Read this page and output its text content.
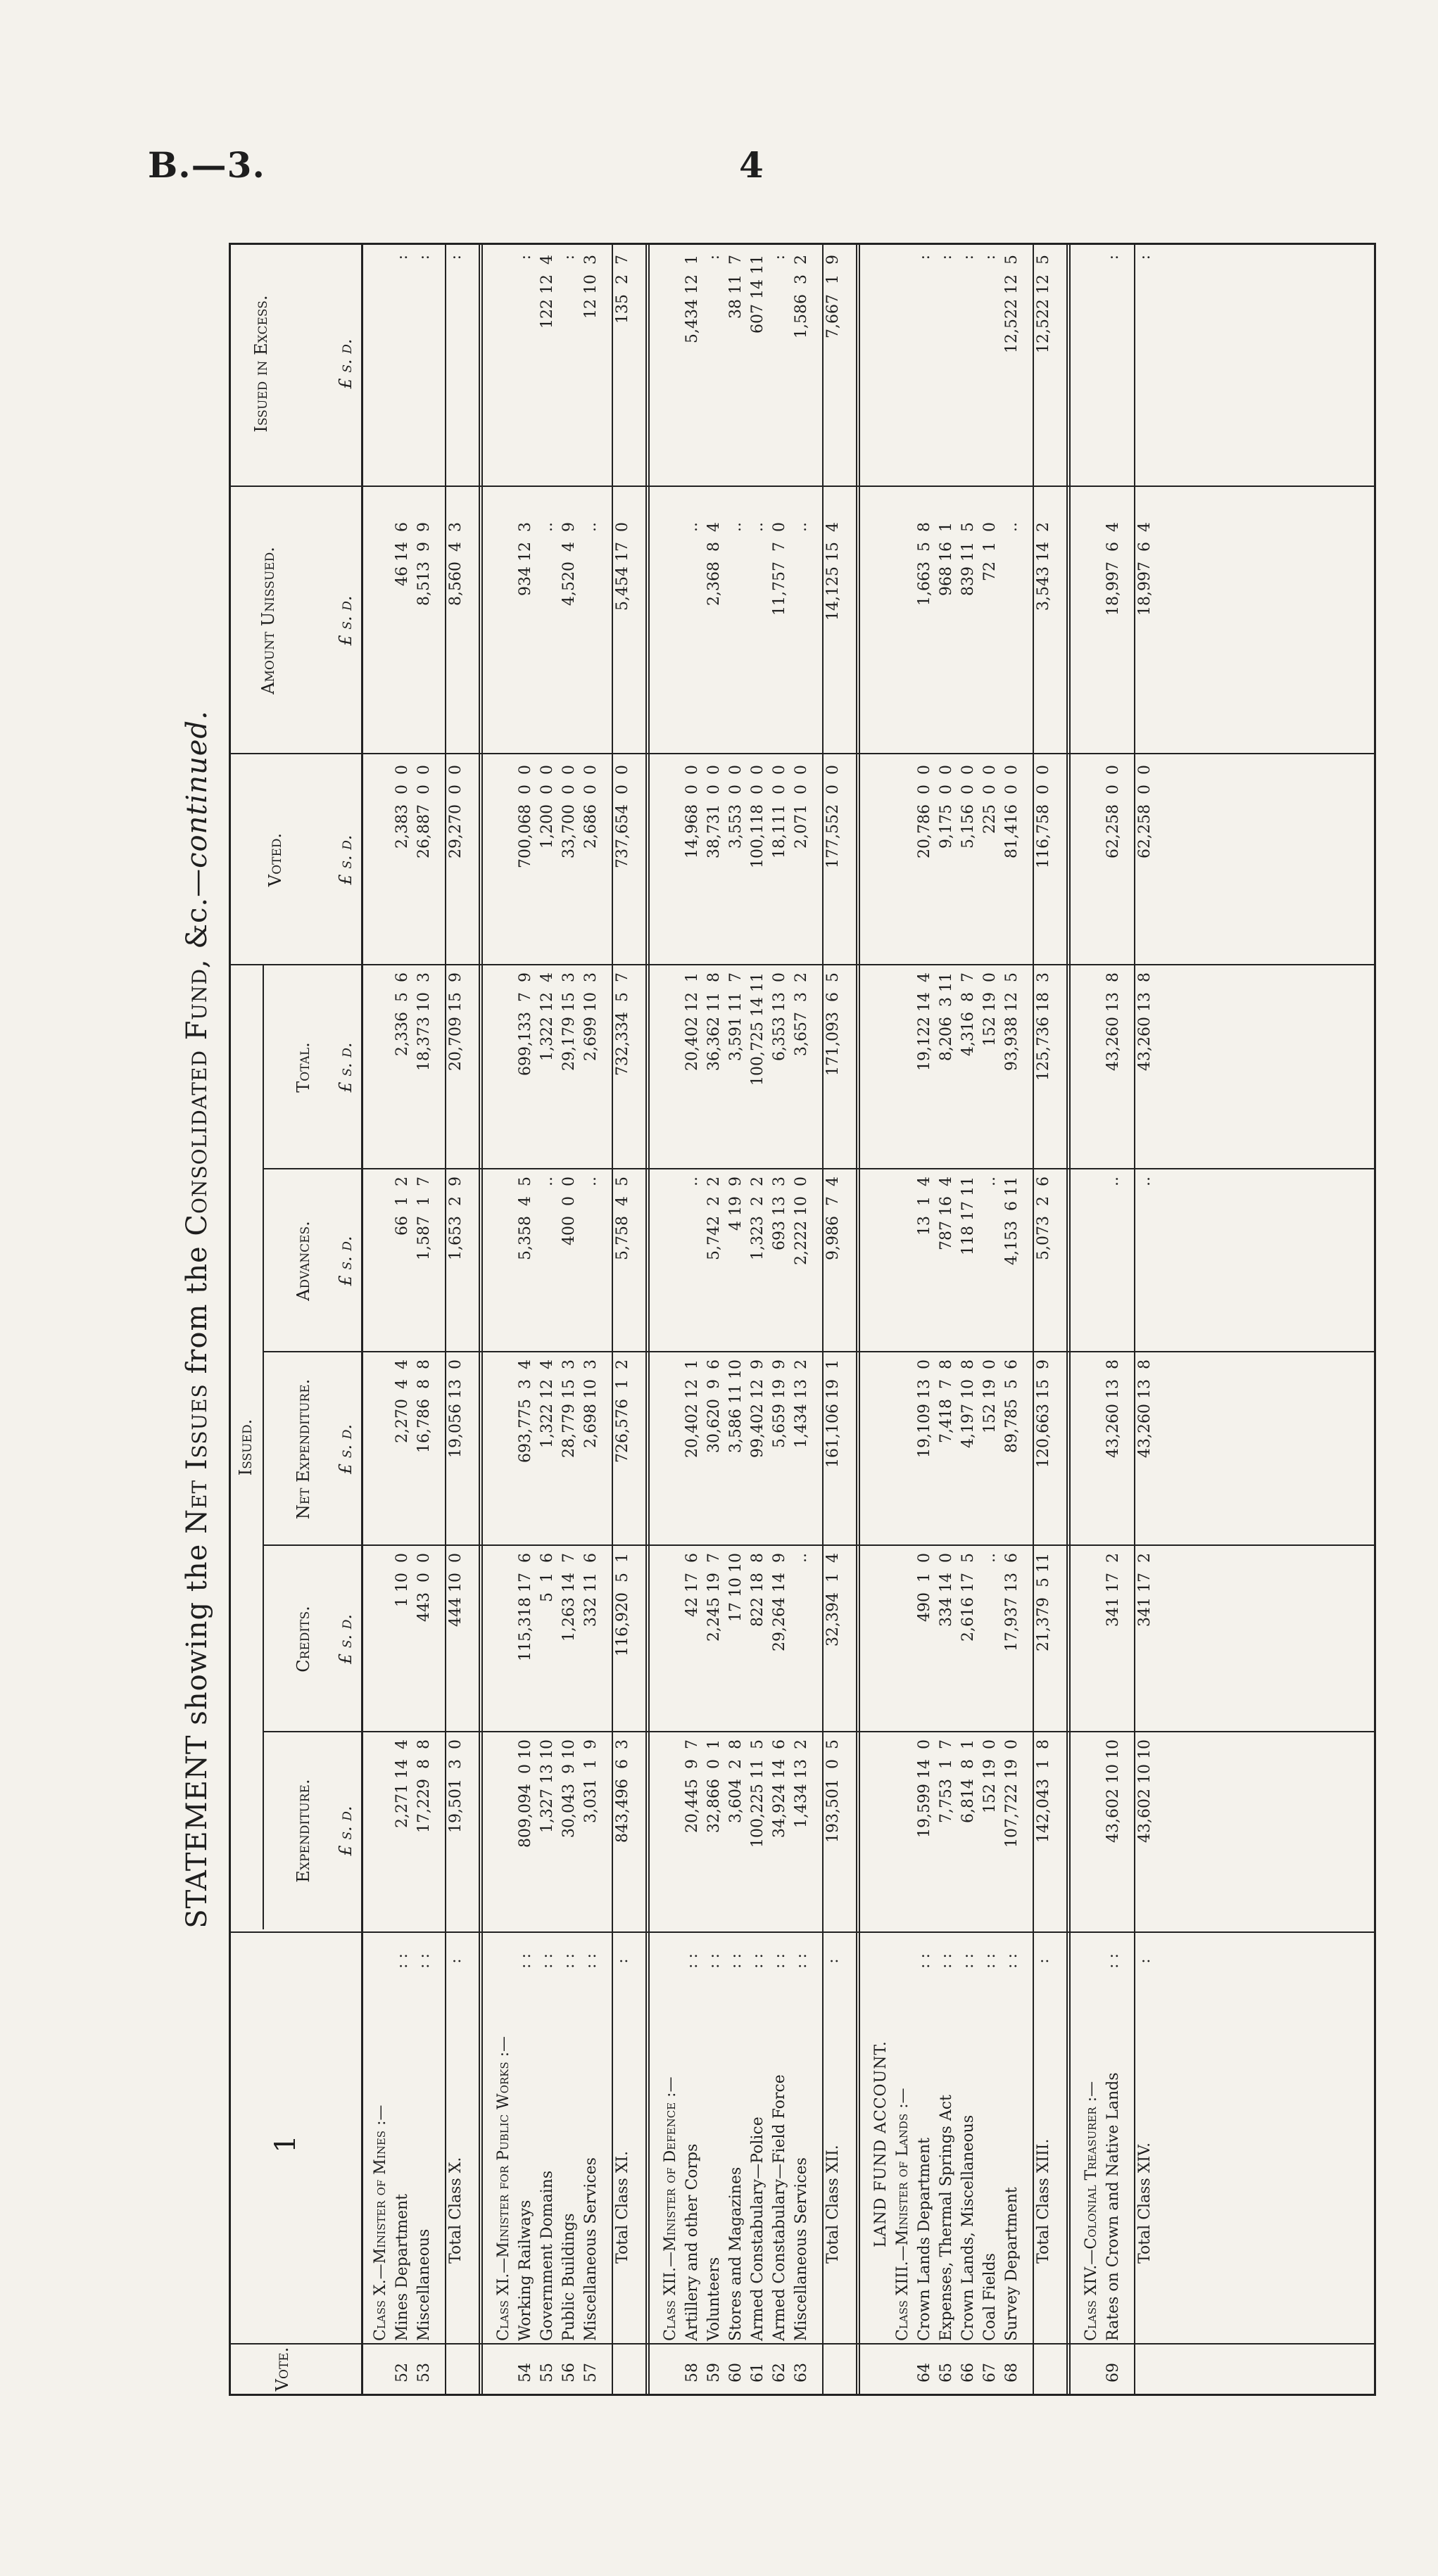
B.—3.	4
STATEMENT showing the Net Issues from the Consolidated Fund, &c.—continued.
Vote.
1
Issued.
Expenditure.
Credits.
Net Expenditure.
Advances.
Total.
Voted.
Amount Unissued.
Issued in Excess.
£ s. d.
£ s. d.
£ s. d.
£ s. d.
£ s. d.
£ s. d.
£ s. d.
£ s. d.
Class X.—Minister of Mines :—
52
Mines Department
: :
2,271 14  4
1 10  0
2,270  4  4
66  1  2
2,336  5  6
2,383  0  0
46 14  6
:
53
Miscellaneous
: :
17,229  8  8
443  0  0
16,786  8  8
1,587  1  7
18,373 10  3
26,887  0  0
8,513  9  9
:
Total Class X.
:
19,501  3  0
444 10  0
19,056 13  0
1,653  2  9
20,709 15  9
29,270  0  0
8,560  4  3
:
Class XI.—Minister for Public Works :—
54
Working Railways
: :
809,094  0 10
115,318 17  6
693,775  3  4
5,358  4  5
699,133  7  9
700,068  0  0
934 12  3
:
55
Government Domains
: :
1,327 13 10
5  1  6
1,322 12  4
..
1,322 12  4
1,200  0  0
..
122 12  4
56
Public Buildings
: :
30,043  9 10
1,263 14  7
28,779 15  3
400  0  0
29,179 15  3
33,700  0  0
4,520  4  9
:
57
Miscellaneous Services
: :
3,031  1  9
332 11  6
2,698 10  3
..
2,699 10  3
2,686  0  0
..
12 10  3
Total Class XI.
:
843,496  6  3
116,920  5  1
726,576  1  2
5,758  4  5
732,334  5  7
737,654  0  0
5,454 17  0
135  2  7
Class XII.—Minister of Defence :—
58
Artillery and other Corps
: :
20,445  9  7
42 17  6
20,402 12  1
..
20,402 12  1
14,968  0  0
..
5,434 12  1
59
Volunteers
: :
32,866  0  1
2,245 19  7
30,620  9  6
5,742  2  2
36,362 11  8
38,731  0  0
2,368  8  4
:
60
Stores and Magazines
: :
3,604  2  8
17 10 10
3,586 11 10
4 19  9
3,591 11  7
3,553  0  0
..
38 11  7
61
Armed Constabulary—Police
: :
100,225 11  5
822 18  8
99,402 12  9
1,323  2  2
100,725 14 11
100,118  0  0
..
607 14 11
62
Armed Constabulary—Field Force
: :
34,924 14  6
29,264 14  9
5,659 19  9
693 13  3
6,353 13  0
18,111  0  0
11,757  7  0
:
63
Miscellaneous Services
: :
1,434 13  2
..
1,434 13  2
2,222 10  0
3,657  3  2
2,071  0  0
..
1,586  3  2
Total Class XII.
:
193,501  0  5
32,394  1  4
161,106 19  1
9,986  7  4
171,093  6  5
177,552  0  0
14,125 15  4
7,667  1  9
LAND FUND ACCOUNT. Class XIII.—Minister of Lands :—
64
Crown Lands Department
: :
19,599 14  0
490  1  0
19,109 13  0
13  1  4
19,122 14  4
20,786  0  0
1,663  5  8
:
65
Expenses, Thermal Springs Act
: :
7,753  1  7
334 14  0
7,418  7  8
787 16  4
8,206  3 11
9,175  0  0
968 16  1
:
66
Crown Lands, Miscellaneous
: :
6,814  8  1
2,616 17  5
4,197 10  8
118 17 11
4,316  8  7
5,156  0  0
839 11  5
:
67
Coal Fields
: :
152 19  0
..
152 19  0
..
152 19  0
225  0  0
72  1  0
:
68
Survey Department
: :
107,722 19  0
17,937 13  6
89,785  5  6
4,153  6 11
93,938 12  5
81,416  0  0
..
12,522 12  5
Total Class XIII.
:
142,043  1  8
21,379  5 11
120,663 15  9
5,073  2  6
125,736 18  3
116,758  0  0
3,543 14  2
12,522 12  5
Class XIV.—Colonial Treasurer :—
69
Rates on Crown and Native Lands
: :
43,602 10 10
341 17  2
43,260 13  8
..
43,260 13  8
62,258  0  0
18,997  6  4
:
Total Class XIV.
:
43,602 10 10
341 17  2
43,260 13  8
..
43,260 13  8
62,258  0  0
18,997  6  4
:
